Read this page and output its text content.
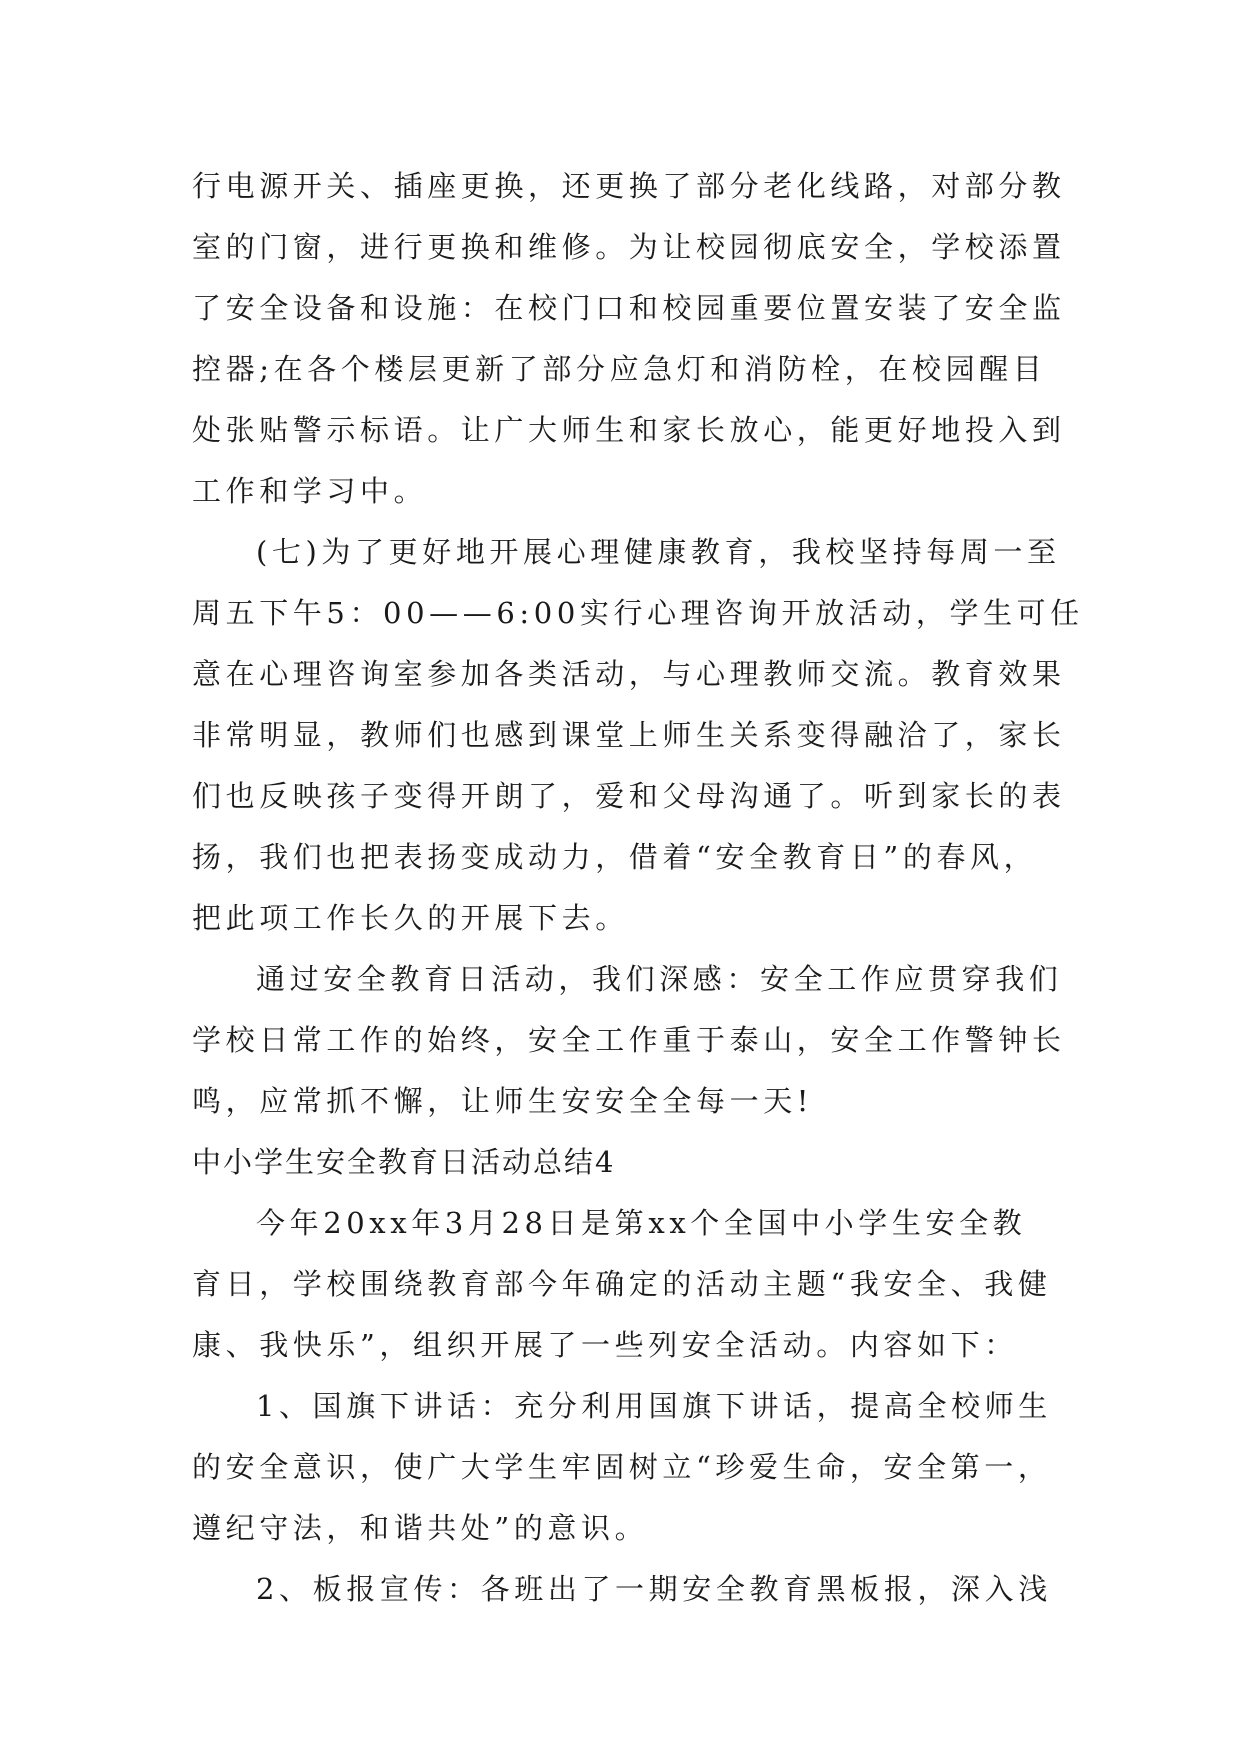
行电源开关、插座更换，还更换了部分老化线路，对部分教
室的门窗，进行更换和维修。为让校园彻底安全，学校添置
了安全设备和设施：在校门口和校园重要位置安装了安全监
控器;在各个楼层更新了部分应急灯和消防栓，在校园醒目
处张贴警示标语。让广大师生和家长放心，能更好地投入到
工作和学习中。
(七)为了更好地开展心理健康教育，我校坚持每周一至
周五下午5：00——6:00实行心理咨询开放活动，学生可任
意在心理咨询室参加各类活动，与心理教师交流。教育效果
非常明显，教师们也感到课堂上师生关系变得融洽了，家长
们也反映孩子变得开朗了，爱和父母沟通了。听到家长的表
扬，我们也把表扬变成动力，借着“安全教育日”的春风，
把此项工作长久的开展下去。
通过安全教育日活动，我们深感：安全工作应贯穿我们
学校日常工作的始终，安全工作重于泰山，安全工作警钟长
鸣，应常抓不懈，让师生安安全全每一天!
中小学生安全教育日活动总结4
今年20xx年3月28日是第xx个全国中小学生安全教
育日，学校围绕教育部今年确定的活动主题“我安全、我健
康、我快乐”，组织开展了一些列安全活动。内容如下：
1、国旗下讲话：充分利用国旗下讲话，提高全校师生
的安全意识，使广大学生牢固树立“珍爱生命，安全第一，
遵纪守法，和谐共处”的意识。
2、板报宣传：各班出了一期安全教育黑板报，深入浅
